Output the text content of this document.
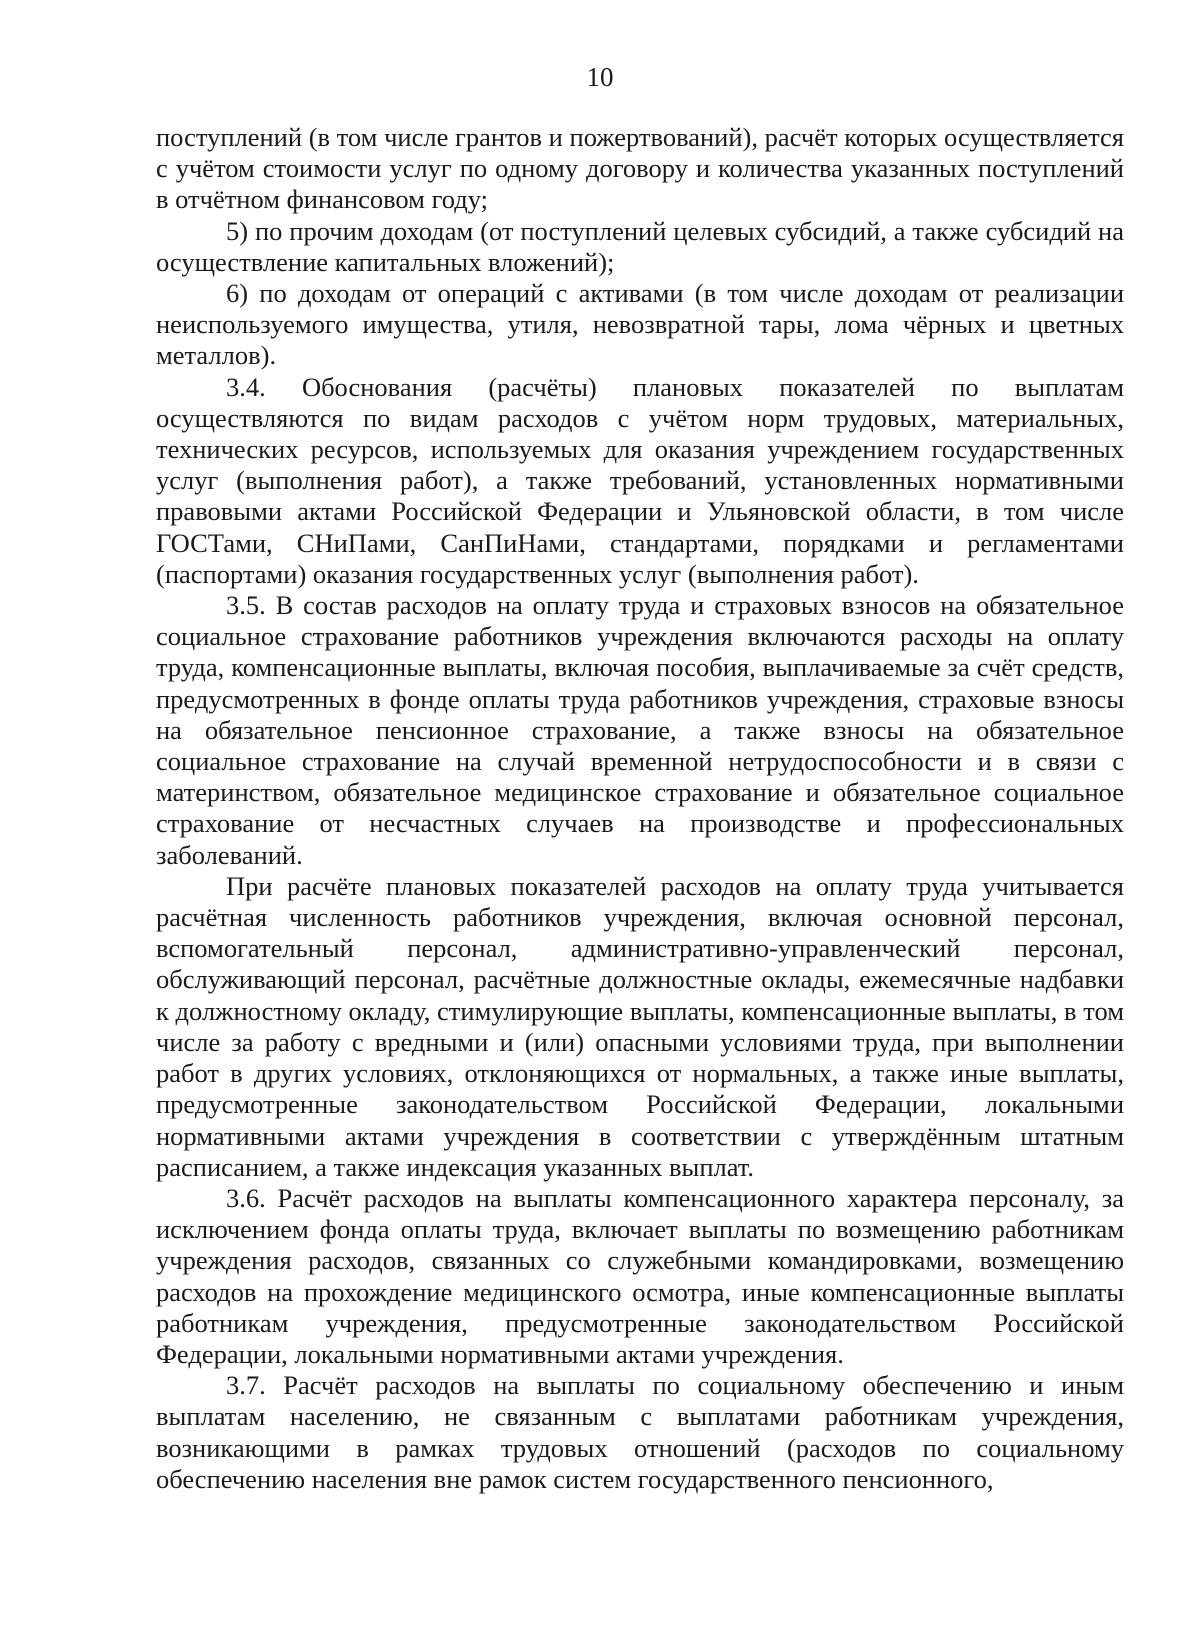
10

поступлений (в том числе грантов и пожертвований), расчёт которых осуществляется с учётом стоимости услуг по одному договору и количества указанных поступлений в отчётном финансовом году;

5) по прочим доходам (от поступлений целевых субсидий, а также субсидий на осуществление капитальных вложений);

6) по доходам от операций с активами (в том числе доходам от реализации неиспользуемого имущества, утиля, невозвратной тары, лома чёрных и цветных металлов).

3.4. Обоснования (расчёты) плановых показателей по выплатам осуществляются по видам расходов с учётом норм трудовых, материальных, технических ресурсов, используемых для оказания учреждением государственных услуг (выполнения работ), а также требований, установленных нормативными правовыми актами Российской Федерации и Ульяновской области, в том числе ГОСТами, СНиПами, СанПиНами, стандартами, порядками и регламентами (паспортами) оказания государственных услуг (выполнения работ).

3.5. В состав расходов на оплату труда и страховых взносов на обязательное социальное страхование работников учреждения включаются расходы на оплату труда, компенсационные выплаты, включая пособия, выплачиваемые за счёт средств, предусмотренных в фонде оплаты труда работников учреждения, страховые взносы на обязательное пенсионное страхование, а также взносы на обязательное социальное страхование на случай временной нетрудоспособности и в связи с материнством, обязательное медицинское страхование и обязательное социальное страхование от несчастных случаев на производстве и профессиональных заболеваний.

При расчёте плановых показателей расходов на оплату труда учитывается расчётная численность работников учреждения, включая основной персонал, вспомогательный персонал, административно-управленческий персонал, обслуживающий персонал, расчётные должностные оклады, ежемесячные надбавки к должностному окладу, стимулирующие выплаты, компенсационные выплаты, в том числе за работу с вредными и (или) опасными условиями труда, при выполнении работ в других условиях, отклоняющихся от нормальных, а также иные выплаты, предусмотренные законодательством Российской Федерации, локальными нормативными актами учреждения в соответствии с утверждённым штатным расписанием, а также индексация указанных выплат.

3.6. Расчёт расходов на выплаты компенсационного характера персоналу, за исключением фонда оплаты труда, включает выплаты по возмещению работникам учреждения расходов, связанных со служебными командировками, возмещению расходов на прохождение медицинского осмотра, иные компенсационные выплаты работникам учреждения, предусмотренные законодательством Российской Федерации, локальными нормативными актами учреждения.

3.7. Расчёт расходов на выплаты по социальному обеспечению и иным выплатам населению, не связанным с выплатами работникам учреждения, возникающими в рамках трудовых отношений (расходов по социальному обеспечению населения вне рамок систем государственного пенсионного,
